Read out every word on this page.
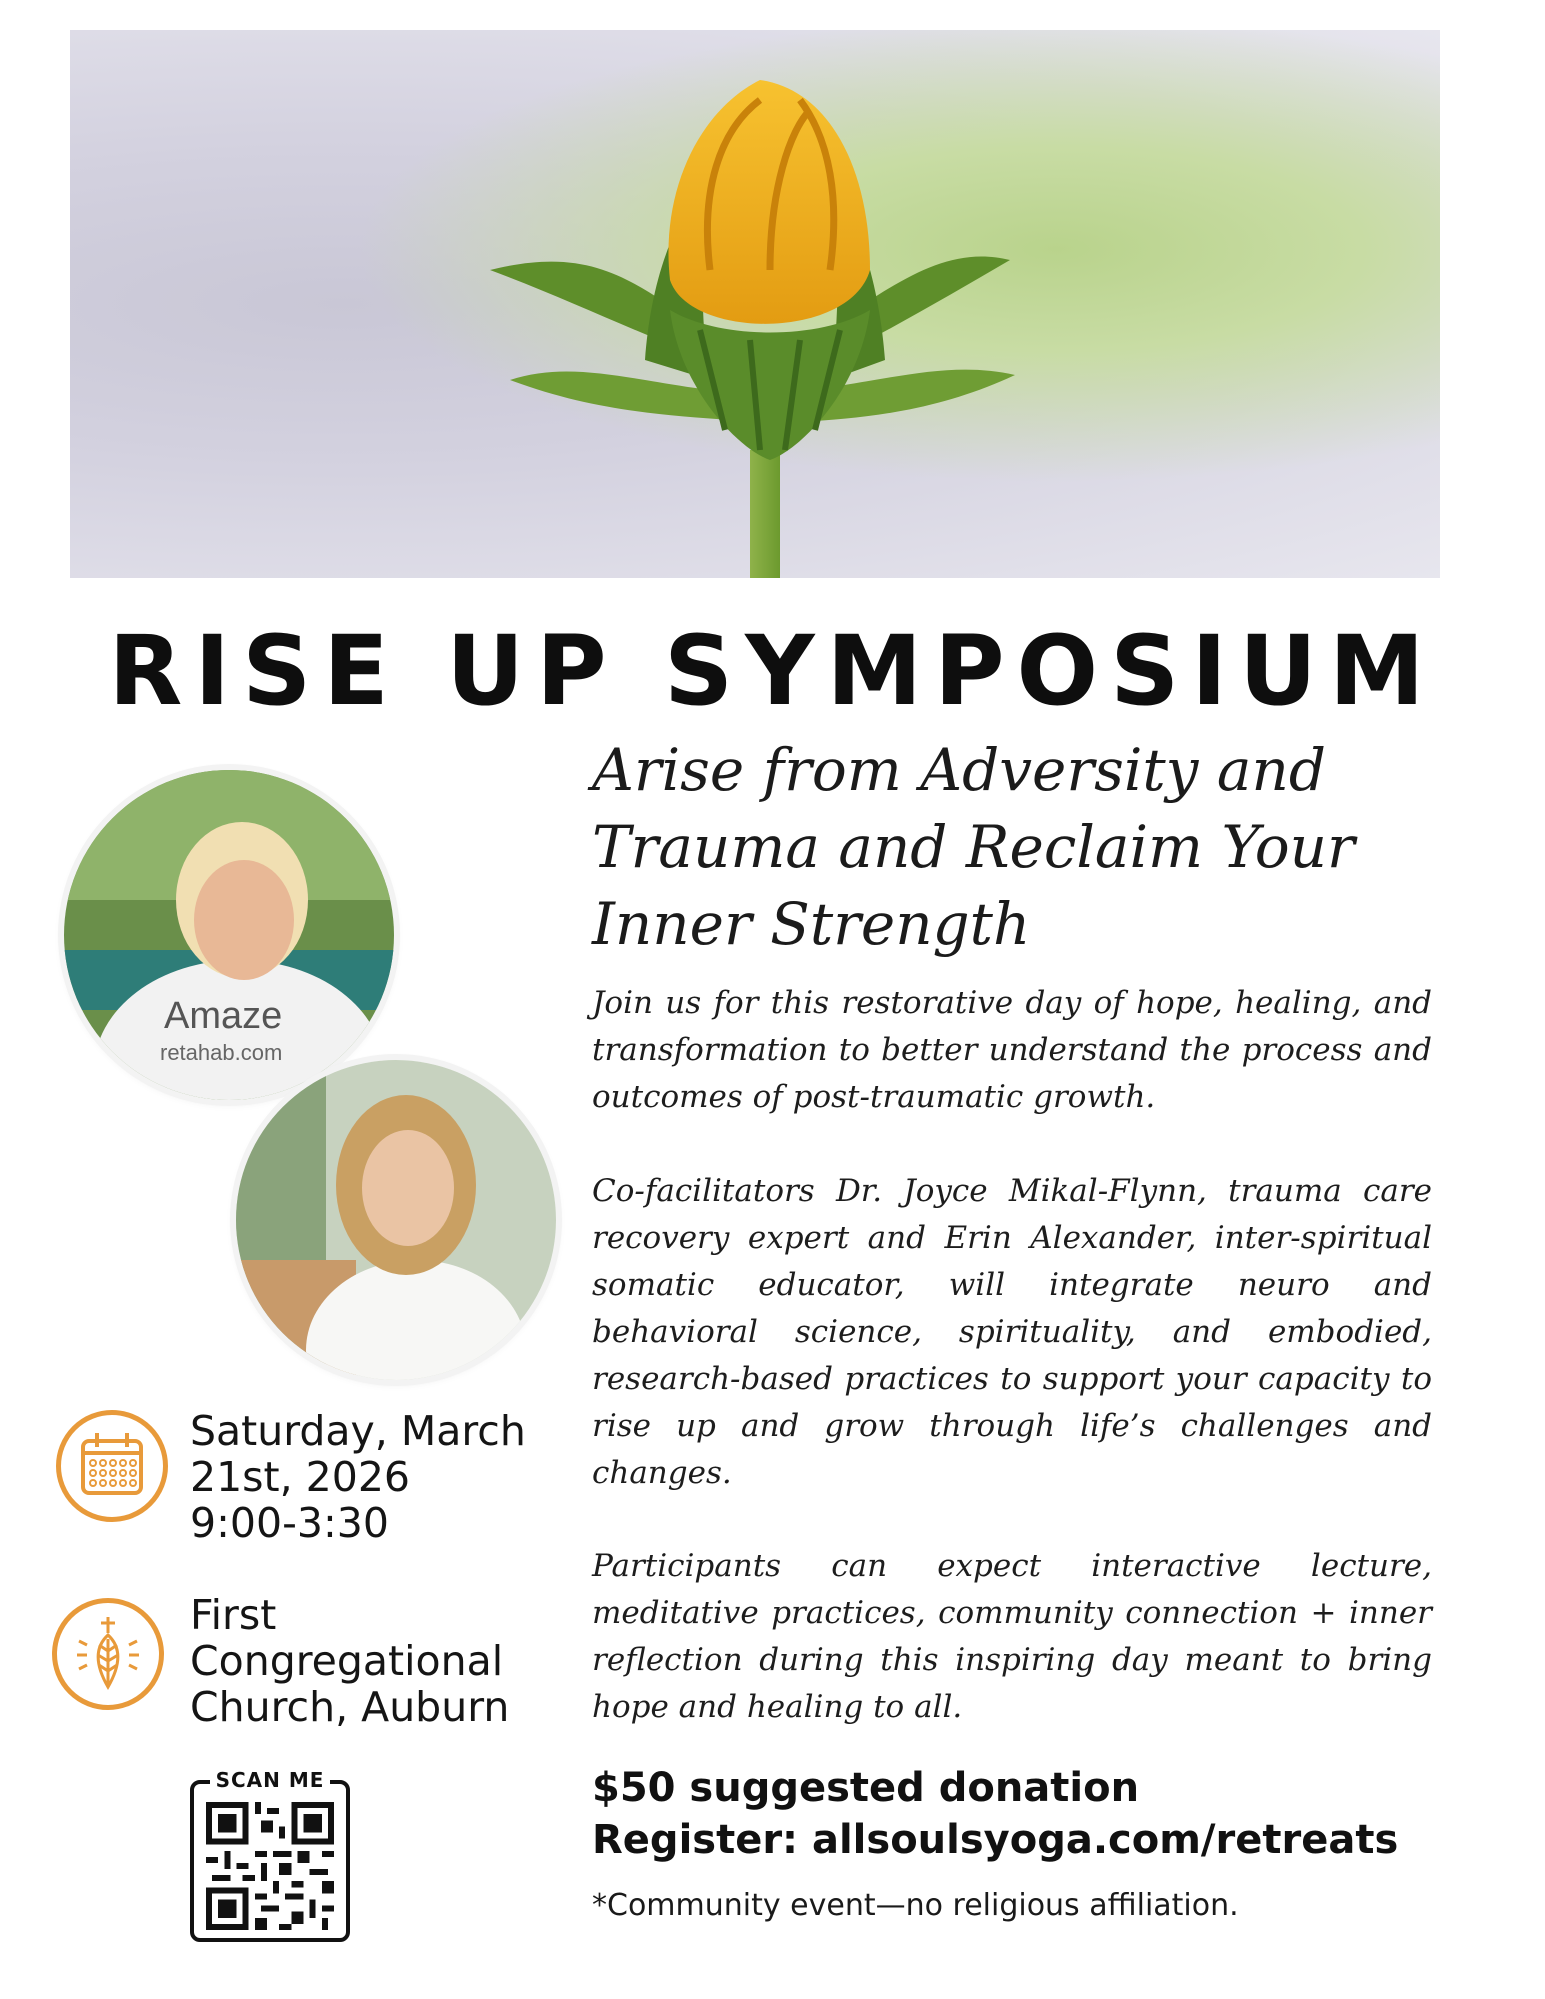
RISE UP SYMPOSIUM
Arise from Adversity and
Trauma and Reclaim Your
Inner Strength
Join us for this restorative day of hope, healing, and transformation to better understand the process and outcomes of post-traumatic growth.
Co-facilitators Dr. Joyce Mikal-Flynn, trauma care recovery expert and Erin Alexander, inter-spiritual somatic educator, will integrate neuro and behavioral science, spirituality, and embodied, research-based practices to support your capacity to rise up and grow through life’s challenges and changes.
Participants can expect interactive lecture, meditative practices, community connection + inner reflection during this inspiring day meant to bring hope and healing to all.
$50 suggested donation
Register: allsoulsyoga.com/retreats
*Community event—no religious affiliation.
Amaze
retahab.com
Saturday, March
21st, 2026
9:00-3:30
First
Congregational
Church, Auburn
SCAN ME
